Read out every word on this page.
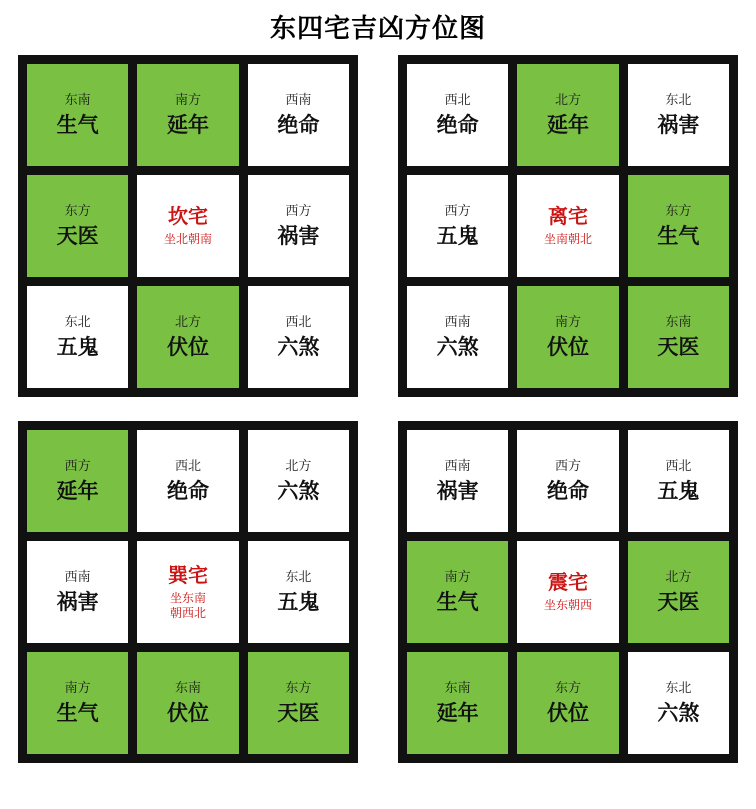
东四宅吉凶方位图
东南
生气
南方
延年
西南
绝命
东方
天医
坎宅
坐北朝南
西方
祸害
东北
五鬼
北方
伏位
西北
六煞
西北
绝命
北方
延年
东北
祸害
西方
五鬼
离宅
坐南朝北
东方
生气
西南
六煞
南方
伏位
东南
天医
西方
延年
西北
绝命
北方
六煞
西南
祸害
巽宅
坐东南
朝西北
东北
五鬼
南方
生气
东南
伏位
东方
天医
西南
祸害
西方
绝命
西北
五鬼
南方
生气
震宅
坐东朝西
北方
天医
东南
延年
东方
伏位
东北
六煞
